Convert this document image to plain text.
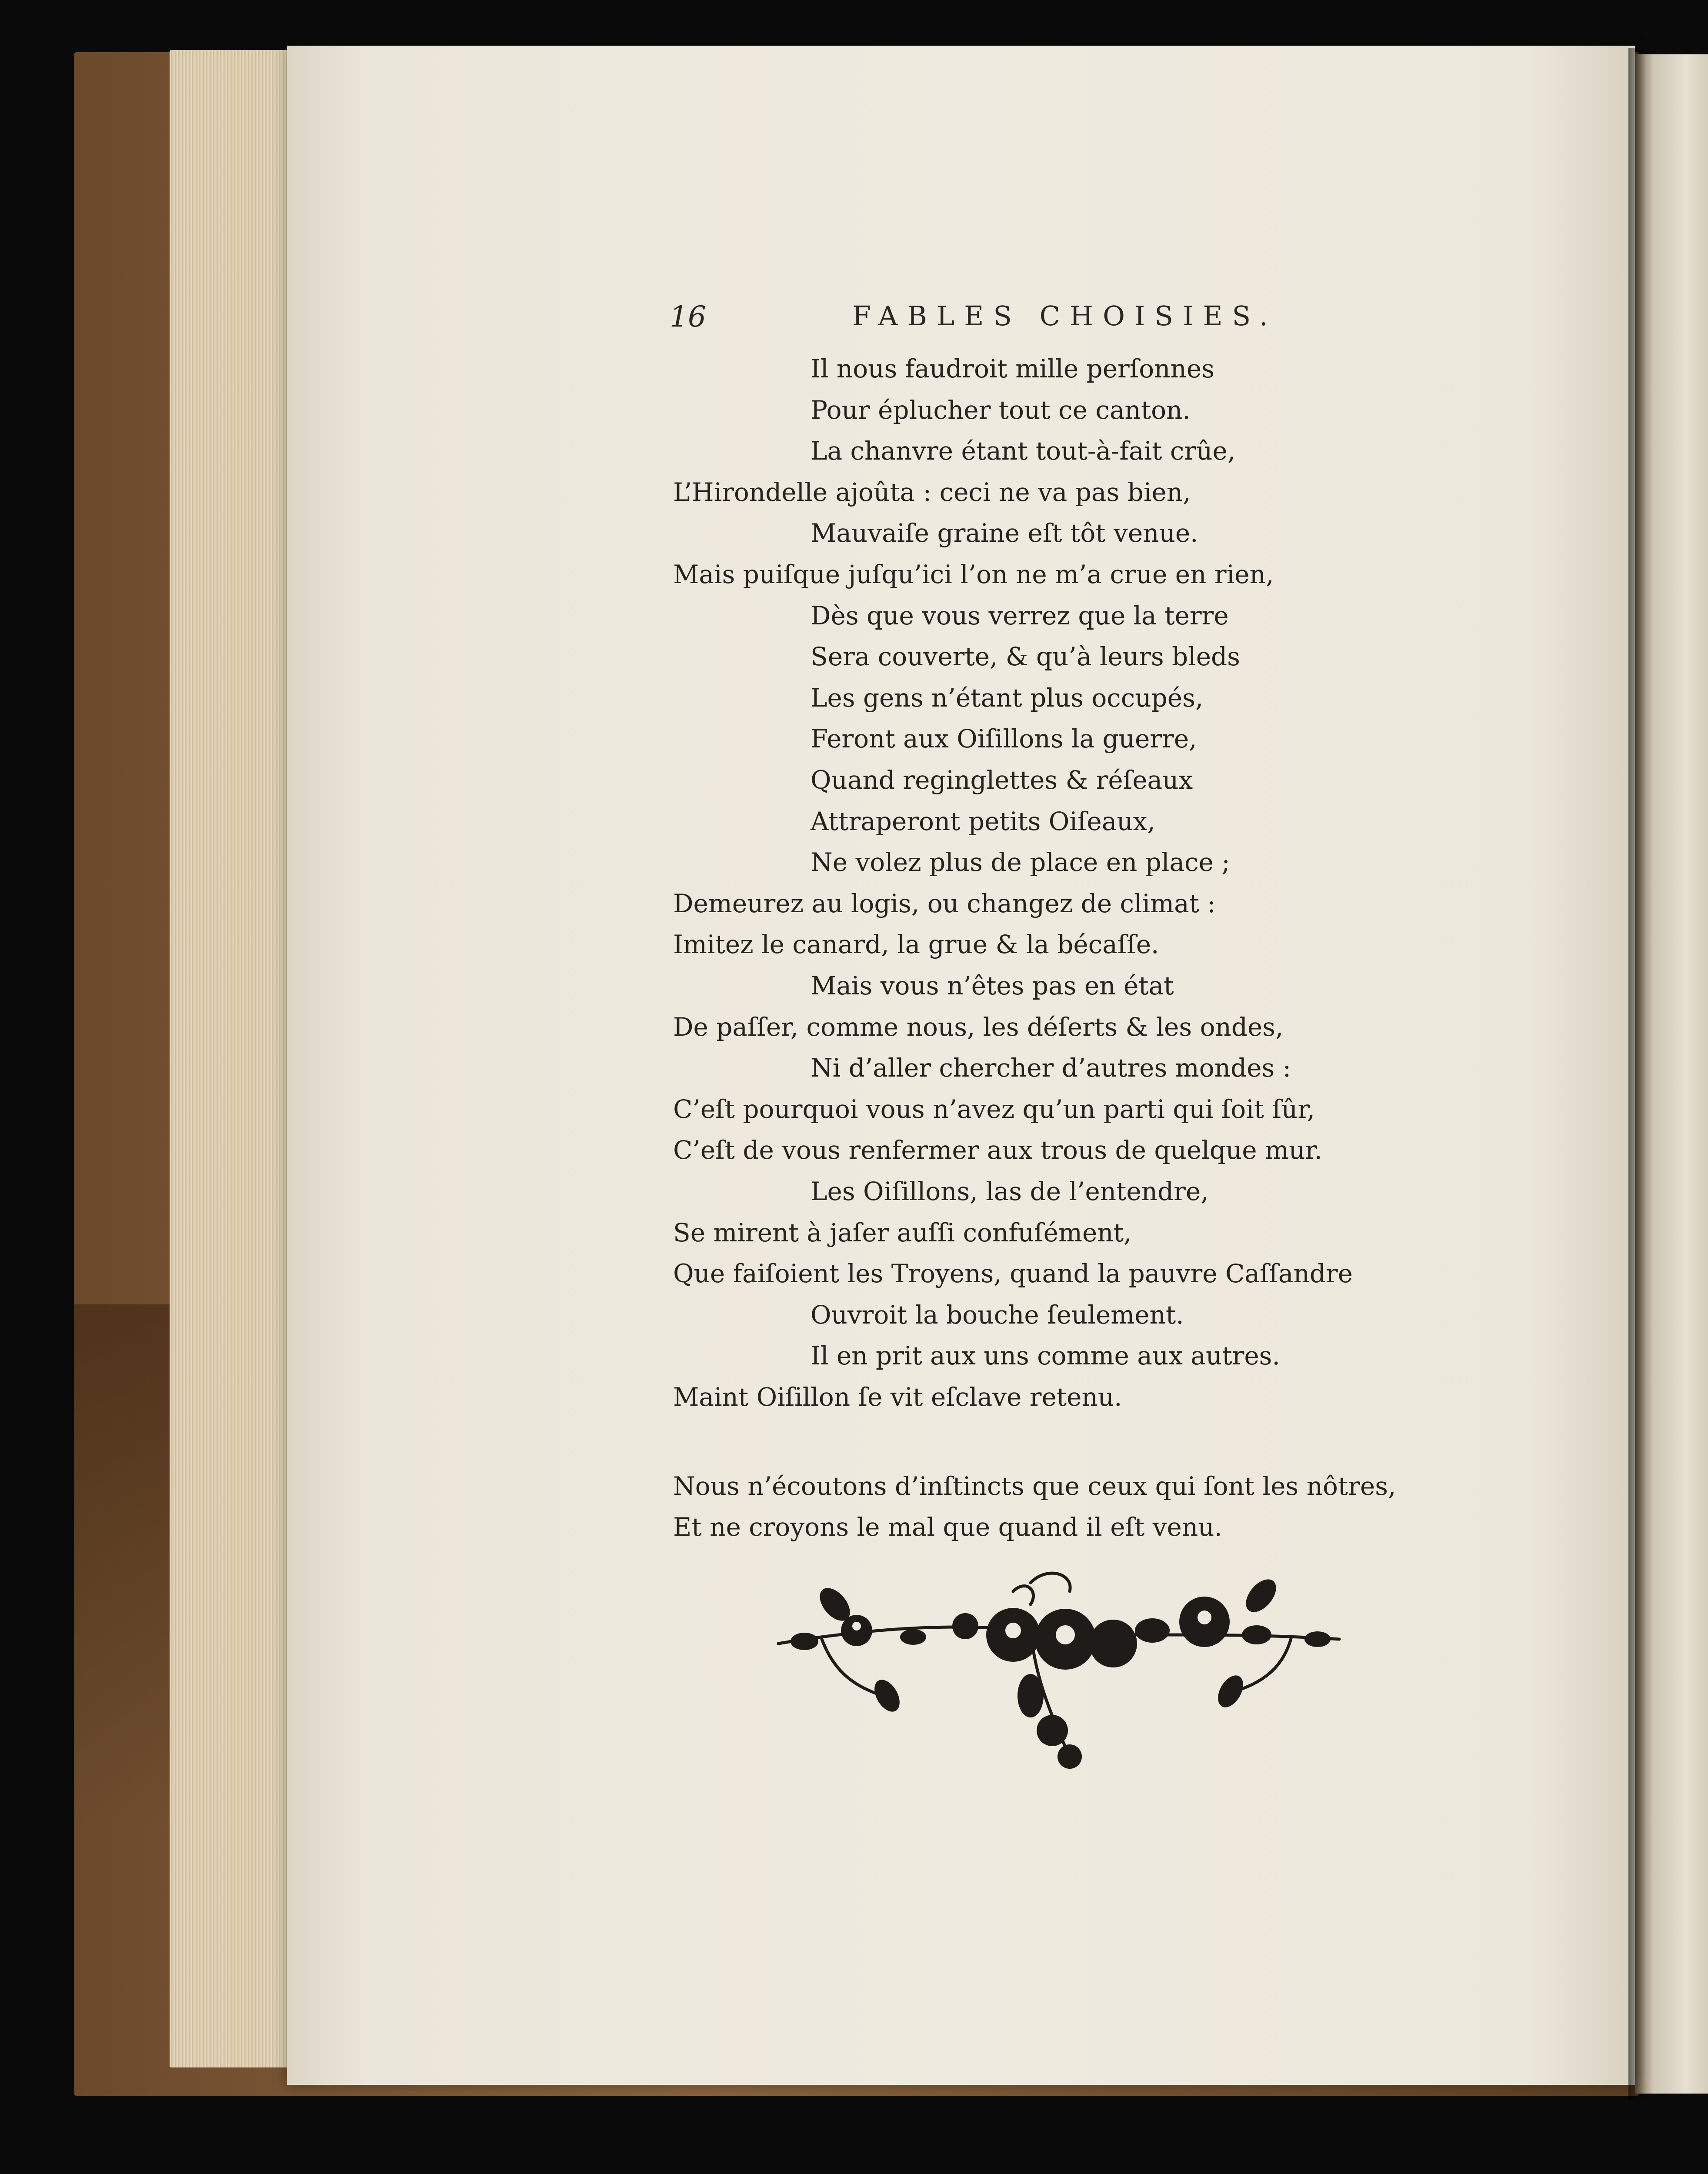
16	FABLES CHOISIES.
Il nous faudroit mille perſonnes
Pour éplucher tout ce canton.
La chanvre étant tout-à-fait crûe,
L’Hirondelle ajoûta : ceci ne va pas bien,
Mauvaiſe graine eſt tôt venue.
Mais puiſque juſqu’ici l’on ne m’a crue en rien,
Dès que vous verrez que la terre
Sera couverte, & qu’à leurs bleds
Les gens n’étant plus occupés,
Feront aux Oiſillons la guerre,
Quand reginglettes & réſeaux
Attraperont petits Oiſeaux,
Ne volez plus de place en place ;
Demeurez au logis, ou changez de climat :
Imitez le canard, la grue & la bécaſſe.
Mais vous n’êtes pas en état
De paſſer, comme nous, les déſerts & les ondes,
Ni d’aller chercher d’autres mondes :
C’eſt pourquoi vous n’avez qu’un parti qui ſoit ſûr,
C’eſt de vous renfermer aux trous de quelque mur.
Les Oiſillons, las de l’entendre,
Se mirent à jaſer auſſi confuſément,
Que faiſoient les Troyens, quand la pauvre Caſſandre
Ouvroit la bouche ſeulement.
Il en prit aux uns comme aux autres.
Maint Oiſillon ſe vit eſclave retenu.
Nous n’écoutons d’inſtincts que ceux qui ſont les nôtres,
Et ne croyons le mal que quand il eſt venu.
